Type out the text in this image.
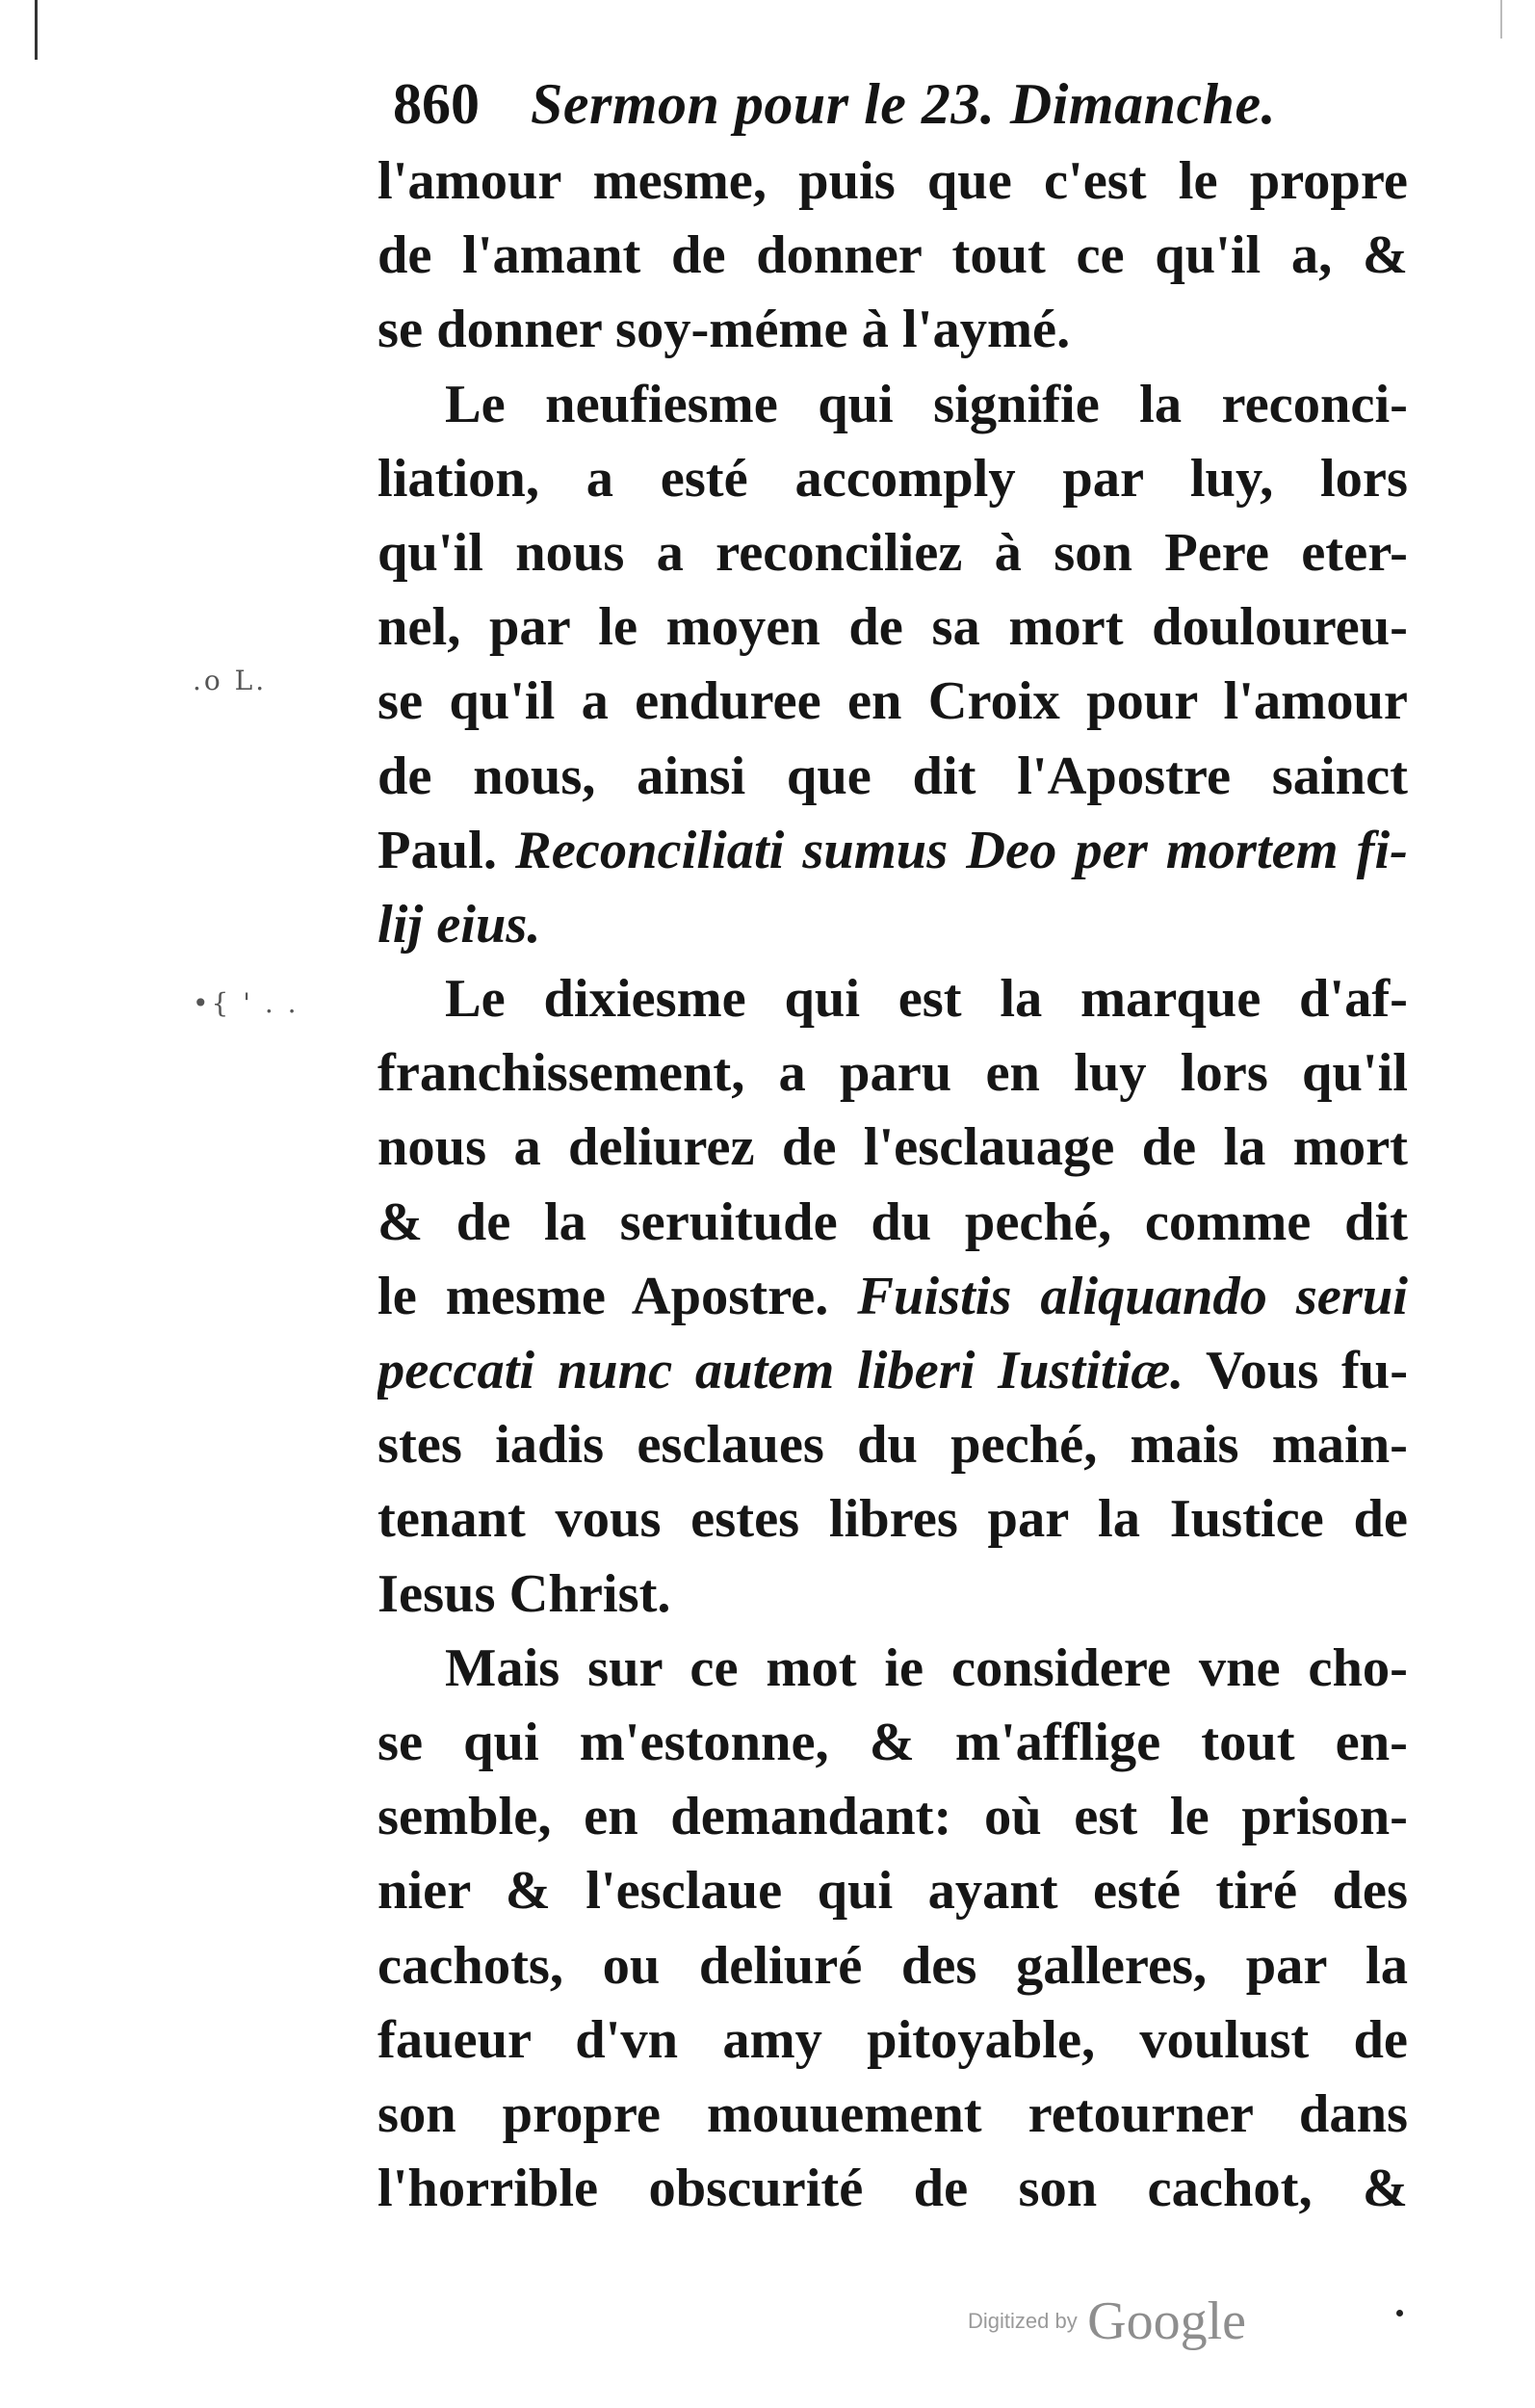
860 Sermon pour le 23. Dimanche.
.o L.
•{ ' . .
l'amour mesme, puis que c'est le propre
de l'amant de donner tout ce qu'il a, &
se donner soy-méme à l'aymé.
Le neufiesme qui signifie la reconci-
liation, a esté accomply par luy, lors
qu'il nous a reconciliez à son Pere eter-
nel, par le moyen de sa mort douloureu-
se qu'il a enduree en Croix pour l'amour
de nous, ainsi que dit l'Apostre sainct
Paul. Reconciliati sumus Deo per mortem fi-
lij eius.
Le dixiesme qui est la marque d'af-
franchissement, a paru en luy lors qu'il
nous a deliurez de l'esclauage de la mort
& de la seruitude du peché, comme dit
le mesme Apostre. Fuistis aliquando serui
peccati nunc autem liberi Iustitiæ. Vous fu-
stes iadis esclaues du peché, mais main-
tenant vous estes libres par la Iustice de
Iesus Christ.
Mais sur ce mot ie considere vne cho-
se qui m'estonne, & m'afflige tout en-
semble, en demandant: où est le prison-
nier & l'esclaue qui ayant esté tiré des
cachots, ou deliuré des galleres, par la
faueur d'vn amy pitoyable, voulust de
son propre mouuement retourner dans
l'horrible obscurité de son cachot, &
Digitized by Google
